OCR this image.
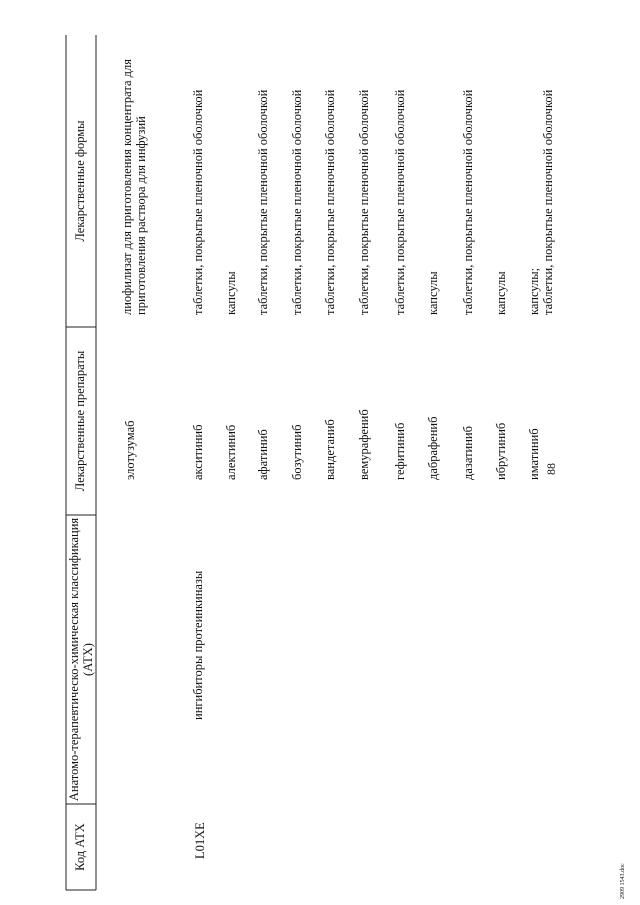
88
Код АТХ
Анатомо-терапевтическо-химическая классификация (АТХ)
Лекарственные препараты
Лекарственные формы
элотузумаб
лиофилизат для приготовления концентрата для приготовления раствора для инфузий
L01XE
ингибиторы протеинкиназы
акситиниб
таблетки, покрытые пленочной оболочкой
алектиниб
капсулы
афатиниб
таблетки, покрытые пленочной оболочкой
бозутиниб
таблетки, покрытые пленочной оболочкой
вандетаниб
таблетки, покрытые пленочной оболочкой
вемурафениб
таблетки, покрытые пленочной оболочкой
гефитиниб
таблетки, покрытые пленочной оболочкой
дабрафениб
капсулы
дазатиниб
таблетки, покрытые пленочной оболочкой
ибрутиниб
капсулы
иматиниб
капсулы; таблетки, покрытые пленочной оболочкой
2909 1543.doc
